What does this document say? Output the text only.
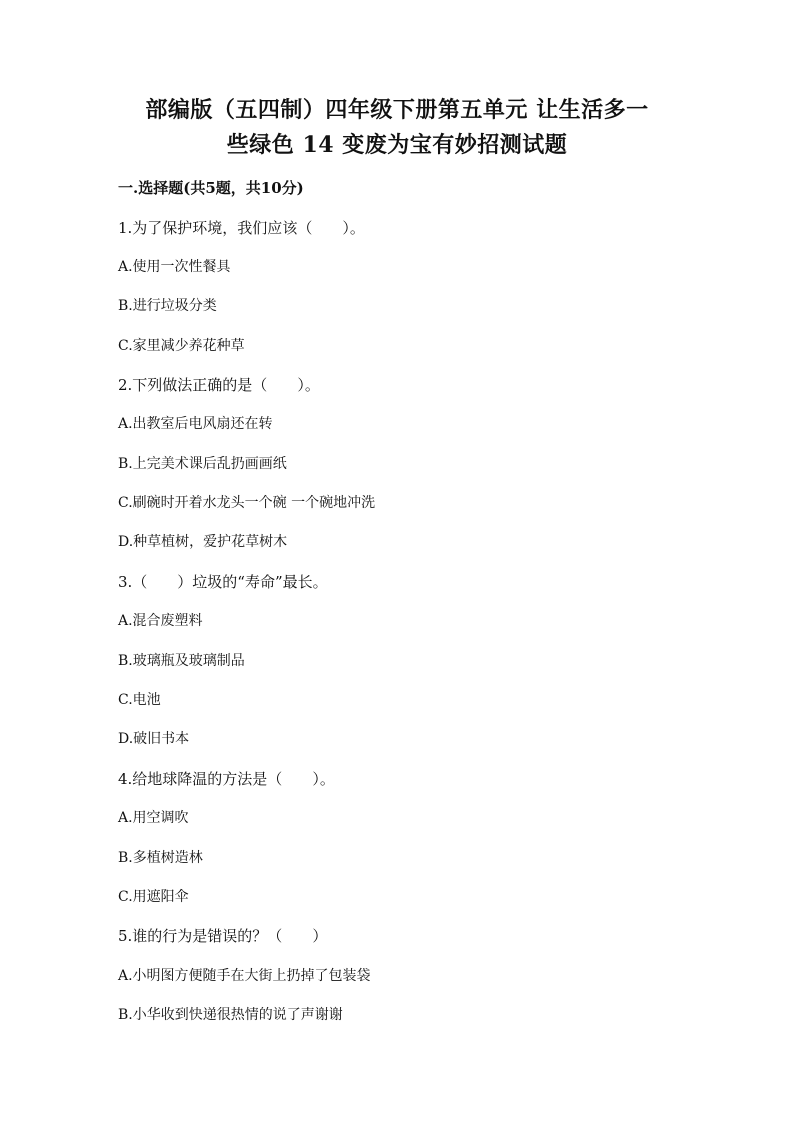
部编版（五四制）四年级下册第五单元 让生活多一
些绿色 14 变废为宝有妙招测试题
一.选择题(共5题，共10分)
1.为了保护环境，我们应该（　　）。
A.使用一次性餐具
B.进行垃圾分类
C.家里减少养花种草
2.下列做法正确的是（　　）。
A.出教室后电风扇还在转
B.上完美术课后乱扔画画纸
C.刷碗时开着水龙头一个碗 一个碗地冲洗
D.种草植树，爱护花草树木
3.（　　）垃圾的“寿命”最长。
A.混合废塑料
B.玻璃瓶及玻璃制品
C.电池
D.破旧书本
4.给地球降温的方法是（　　）。
A.用空调吹
B.多植树造林
C.用遮阳伞
5.谁的行为是错误的？（　　）
A.小明图方便随手在大街上扔掉了包装袋
B.小华收到快递很热情的说了声谢谢
